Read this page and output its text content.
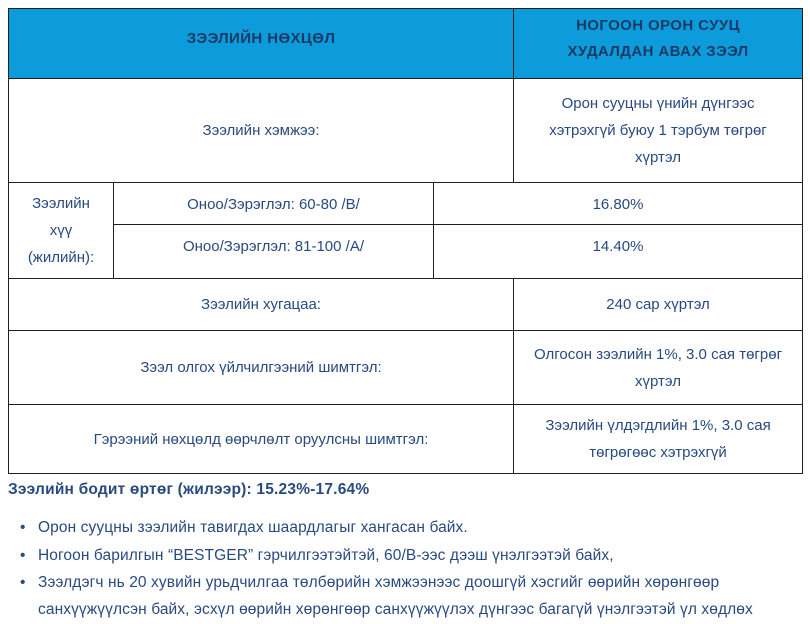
ЗЭЭЛИЙН НӨХЦӨЛ			НОГООН ОРОН СУУЦ ХУДАЛДАН АВАХ ЗЭЭЛ
Зээлийн хэмжээ:			Орон сууцны үнийн дүнгээс хэтрэхгүй буюу 1 тэрбум төгрөг хүртэл
Зээлийн хүү (жилийн):	Оноо/Зэрэглэл: 60-80 /В/	16.80%	
	Оноо/Зэрэглэл: 81-100 /А/	14.40%	
Зээлийн хугацаа:			240 сар хүртэл
Зээл олгох үйлчилгээний шимтгэл:			Олгосон зээлийн 1%, 3.0 сая төгрөг хүртэл
Гэрээний нөхцөлд өөрчлөлт оруулсны шимтгэл:			Зээлийн үлдэгдлийн 1%, 3.0 сая төгрөгөөс хэтрэхгүй

Зээлийн бодит өртөг (жилээр): 15.23%-17.64%

• Орон сууцны зээлийн тавигдах шаардлагыг хангасан байх.
• Ногоон барилгын “BESTGER” гэрчилгээтэйтэй, 60/В-ээс дээш үнэлгээтэй байх,
• Зээлдэгч нь 20 хувийн урьдчилгаа төлбөрийн хэмжээнээс доошгүй хэсгийг өөрийн хөрөнгөөр санхүүжүүлсэн байх, эсхүл өөрийн хөрөнгөөр санхүүжүүлэх дүнгээс багагүй үнэлгээтэй үл хөдлөх
